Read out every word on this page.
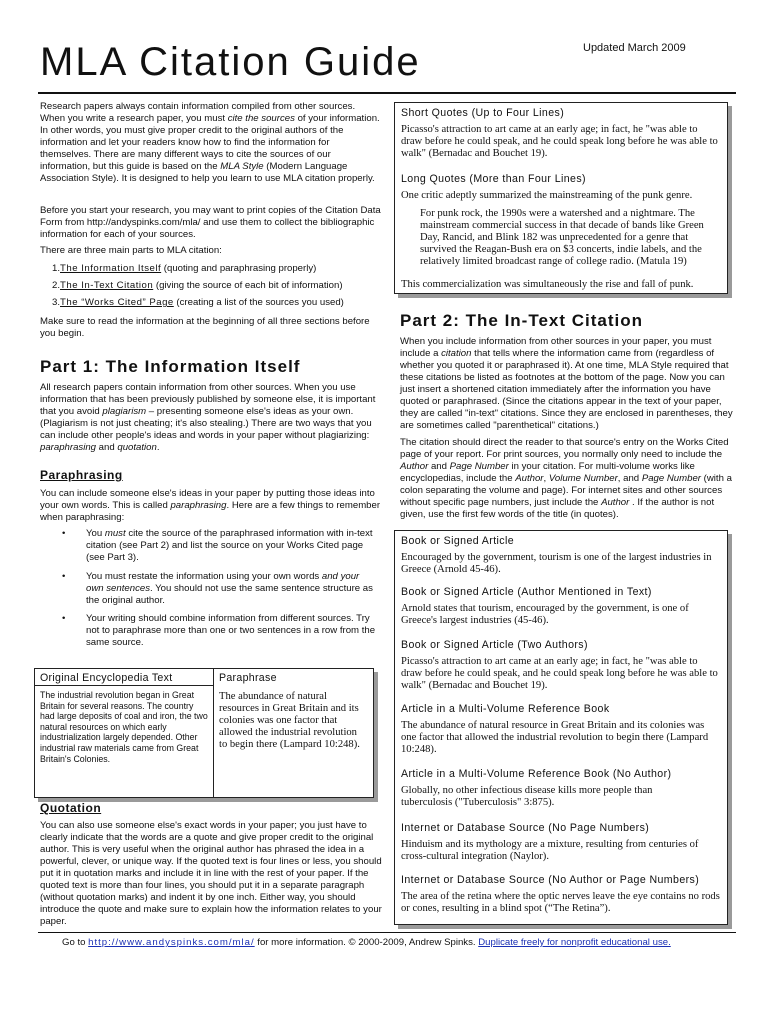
MLA Citation Guide	Updated March 2009

Research papers always contain information compiled from other sources. When you write a research paper, you must cite the sources of your information. In other words, you must give proper credit to the original authors of the information and let your readers know how to find the information for themselves. There are many different ways to cite the sources of our information, but this guide is based on the MLA Style (Modern Language Association Style). It is designed to help you learn to use MLA citation properly.

Before you start your research, you may want to print copies of the Citation Data Form from http://andyspinks.com/mla/ and use them to collect the bibliographic information for each of your sources.

There are three main parts to MLA citation:

1.The Information Itself (quoting and paraphrasing properly)

2.The In-Text Citation (giving the source of each bit of information)

3.The “Works Cited” Page (creating a list of the sources you used)

Make sure to read the information at the beginning of all three sections before you begin.

Part 1: The Information Itself

All research papers contain information from other sources. When you use information that has been previously published by someone else, it is important that you avoid plagiarism – presenting someone else's ideas as your own. (Plagiarism is not just cheating; it's also stealing.) There are two ways that you can include other people's ideas and words in your paper without plagiarizing: paraphrasing and quotation.

Paraphrasing

You can include someone else's ideas in your paper by putting those ideas into your own words. This is called paraphrasing. Here are a few things to remember when paraphrasing:

• You must cite the source of the paraphrased information with in-text citation (see Part 2) and list the source on your Works Cited page (see Part 3).

• You must restate the information using your own words and your own sentences. You should not use the same sentence structure as the original author.

• Your writing should combine information from different sources. Try not to paraphrase more than one or two sentences in a row from the same source.

Original Encyclopedia Text	Paraphrase

The industrial revolution began in Great Britain for several reasons. The country had large deposits of coal and iron, the two natural resources on which early industrialization largely depended. Other industrial raw materials came from Great Britain's Colonies.

The abundance of natural resources in Great Britain and its colonies was one factor that allowed the industrial revolution to begin there (Lampard 10:248).

Quotation

You can also use someone else's exact words in your paper; you just have to clearly indicate that the words are a quote and give proper credit to the original author. This is very useful when the original author has phrased the idea in a powerful, clever, or unique way. If the quoted text is four lines or less, you should put it in quotation marks and include it in line with the rest of your paper. If the quoted text is more than four lines, you should put it in a separate paragraph (without quotation marks) and indent it by one inch. Either way, you should introduce the quote and make sure to explain how the information relates to your paper.

Short Quotes (Up to Four Lines)

Picasso's attraction to art came at an early age; in fact, he "was able to draw before he could speak, and he could speak long before he was able to walk" (Bernadac and Bouchet 19).

Long Quotes (More than Four Lines)

One critic adeptly summarized the mainstreaming of the punk genre.

For punk rock, the 1990s were a watershed and a nightmare. The mainstream commercial success in that decade of bands like Green Day, Rancid, and Blink 182 was unprecedented for a genre that survived the Reagan-Bush era on $3 concerts, indie labels, and the relatively limited broadcast range of college radio. (Matula 19)

This commercialization was simultaneously the rise and fall of punk.

Part 2: The In-Text Citation

When you include information from other sources in your paper, you must include a citation that tells where the information came from (regardless of whether you quoted it or paraphrased it). At one time, MLA Style required that these citations be listed as footnotes at the bottom of the page. Now you can just insert a shortened citation immediately after the information you have quoted or paraphrased. (Since the citations appear in the text of your paper, they are called "in-text" citations. Since they are enclosed in parentheses, they are sometimes called "parenthetical" citations.)

The citation should direct the reader to that source's entry on the Works Cited page of your report. For print sources, you normally only need to include the Author and Page Number in your citation. For multi-volume works like encyclopedias, include the Author, Volume Number, and Page Number (with a colon separating the volume and page). For internet sites and other sources without specific page numbers, just include the Author . If the author is not given, use the first few words of the title (in quotes).

Book or Signed Article

Encouraged by the government, tourism is one of the largest industries in Greece (Arnold 45-46).

Book or Signed Article (Author Mentioned in Text)

Arnold states that tourism, encouraged by the government, is one of Greece's largest industries (45-46).

Book or Signed Article (Two Authors)

Picasso's attraction to art came at an early age; in fact, he "was able to draw before he could speak, and he could speak long before he was able to walk" (Bernadac and Bouchet 19).

Article in a Multi-Volume Reference Book

The abundance of natural resource in Great Britain and its colonies was one factor that allowed the industrial revolution to begin there (Lampard 10:248).

Article in a Multi-Volume Reference Book (No Author)

Globally, no other infectious disease kills more people than tuberculosis ("Tuberculosis" 3:875).

Internet or Database Source (No Page Numbers)

Hinduism and its mythology are a mixture, resulting from centuries of cross-cultural integration (Naylor).

Internet or Database Source (No Author or Page Numbers)

The area of the retina where the optic nerves leave the eye contains no rods or cones, resulting in a blind spot (“The Retina”).

Go to http://www.andyspinks.com/mla/ for more information. © 2000-2009, Andrew Spinks. Duplicate freely for nonprofit educational use.
